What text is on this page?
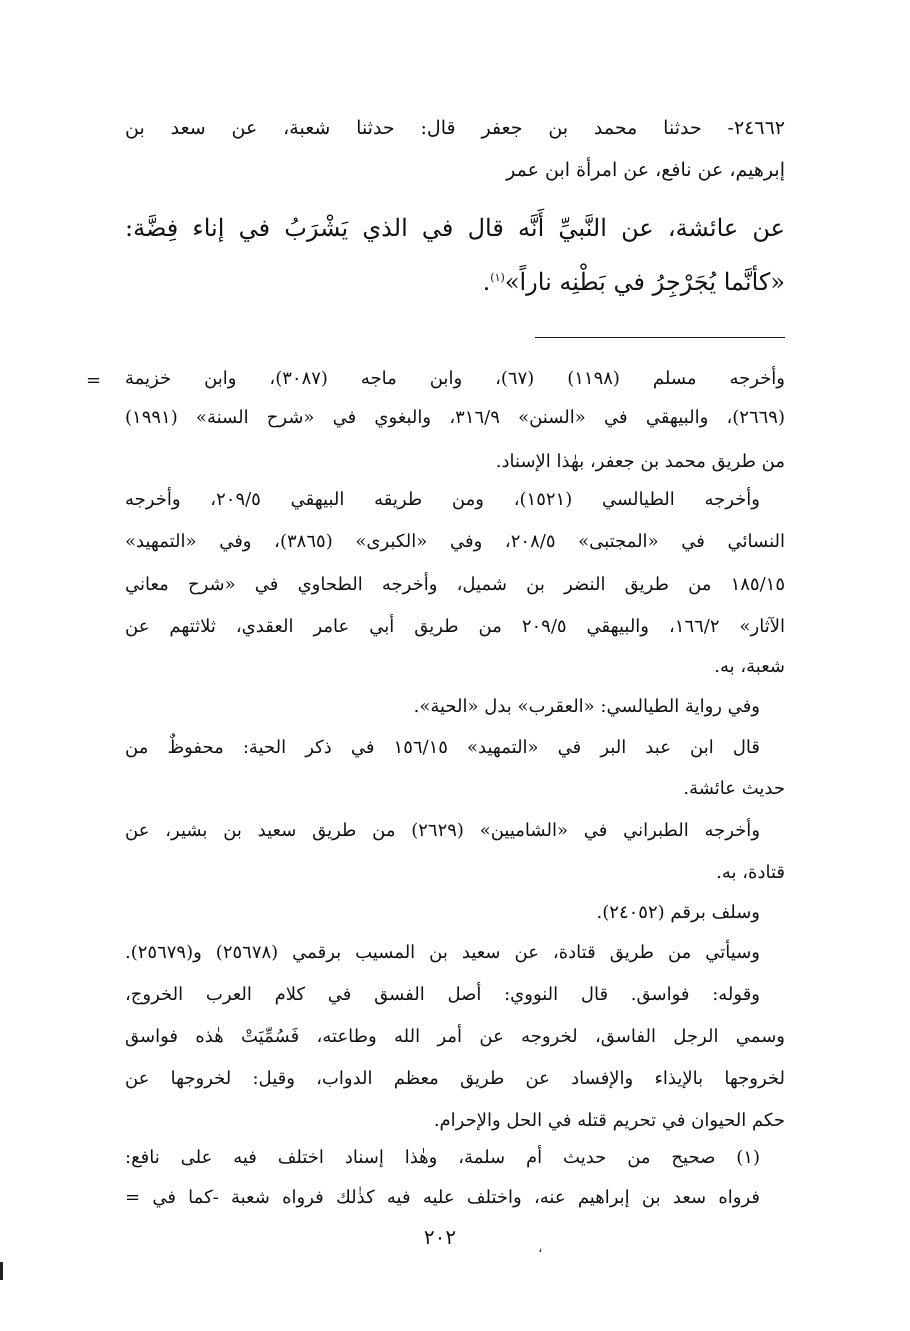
٢٤٦٦٢- حدثنا محمد بن جعفر قال: حدثنا شعبة، عن سعد بن
إبرهيم، عن نافع، عن امرأة ابن عمر
عن عائشة، عن النَّبيِّ أَنَّه قال في الذي يَشْرَبُ في إناء فِضَّة:
«كأنَّما يُجَرْجِرُ في بَطْنِه ناراً»$^{(١)}$.
= وأخرجه مسلم (١١٩٨) (٦٧)، وابن ماجه (٣٠٨٧)، وابن خزيمة
(٢٦٦٩)، والبيهقي في «السنن» ٣١٦/٩، والبغوي في «شرح السنة» (١٩٩١)
من طريق محمد بن جعفر، بهٰذا الإسناد.
وأخرجه الطيالسي (١٥٢١)، ومن طريقه البيهقي ٢٠٩/٥، وأخرجه
النسائي في «المجتبى» ٢٠٨/٥، وفي «الكبرى» (٣٨٦٥)، وفي «التمهيد»
١٨٥/١٥ من طريق النضر بن شميل، وأخرجه الطحاوي في «شرح معاني
الآثار» ١٦٦/٢، والبيهقي ٢٠٩/٥ من طريق أبي عامر العقدي، ثلاثتهم عن
شعبة، به.
وفي رواية الطيالسي: «العقرب» بدل «الحية».
قال ابن عبد البر في «التمهيد» ١٥٦/١٥ في ذكر الحية: محفوظٌ من
حديث عائشة.
وأخرجه الطبراني في «الشاميين» (٢٦٢٩) من طريق سعيد بن بشير، عن
قتادة، به.
وسلف برقم (٢٤٠٥٢).
وسيأتي من طريق قتادة، عن سعيد بن المسيب برقمي (٢٥٦٧٨) و(٢٥٦٧٩).
وقوله: فواسق. قال النووي: أصل الفسق في كلام العرب الخروج،
وسمي الرجل الفاسق، لخروجه عن أمر الله وطاعته، فَسُمِّيَتْ هٰذه فواسق
لخروجها بالإيذاء والإفساد عن طريق معظم الدواب، وقيل: لخروجها عن
حكم الحيوان في تحريم قتله في الحل والإحرام.
(١) صحيح من حديث أم سلمة، وهٰذا إسناد اختلف فيه على نافع:
فرواه سعد بن إبراهيم عنه، واختلف عليه فيه كذٰلك فرواه شعبة -كما في =
٢٠٢	،
